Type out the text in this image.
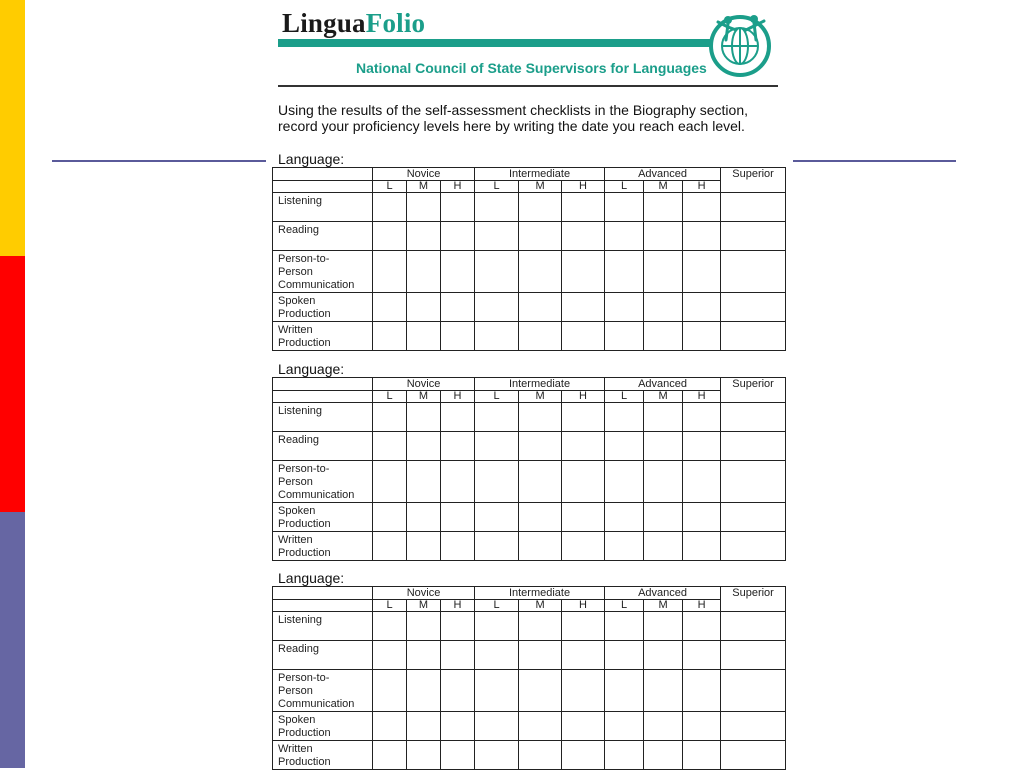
LinguaFolio
National Council of State Supervisors for Languages
Using the results of the self-assessment checklists in the Biography section, record your proficiency levels here by writing the date you reach each level.
Language:
	Novice			Intermediate			Advanced			Superior
	L	M	H	L	M	H	L	M	H	

Listening										

Reading										

Person-to-
Person
Communication										

Spoken
Production										

Written
Production										

Language:
	Novice			Intermediate			Advanced			Superior
	L	M	H	L	M	H	L	M	H	

Listening										

Reading										

Person-to-
Person
Communication										

Spoken
Production										

Written
Production										

Language:
	Novice			Intermediate			Advanced			Superior
	L	M	H	L	M	H	L	M	H	

Listening										

Reading										

Person-to-
Person
Communication										

Spoken
Production										

Written
Production										
